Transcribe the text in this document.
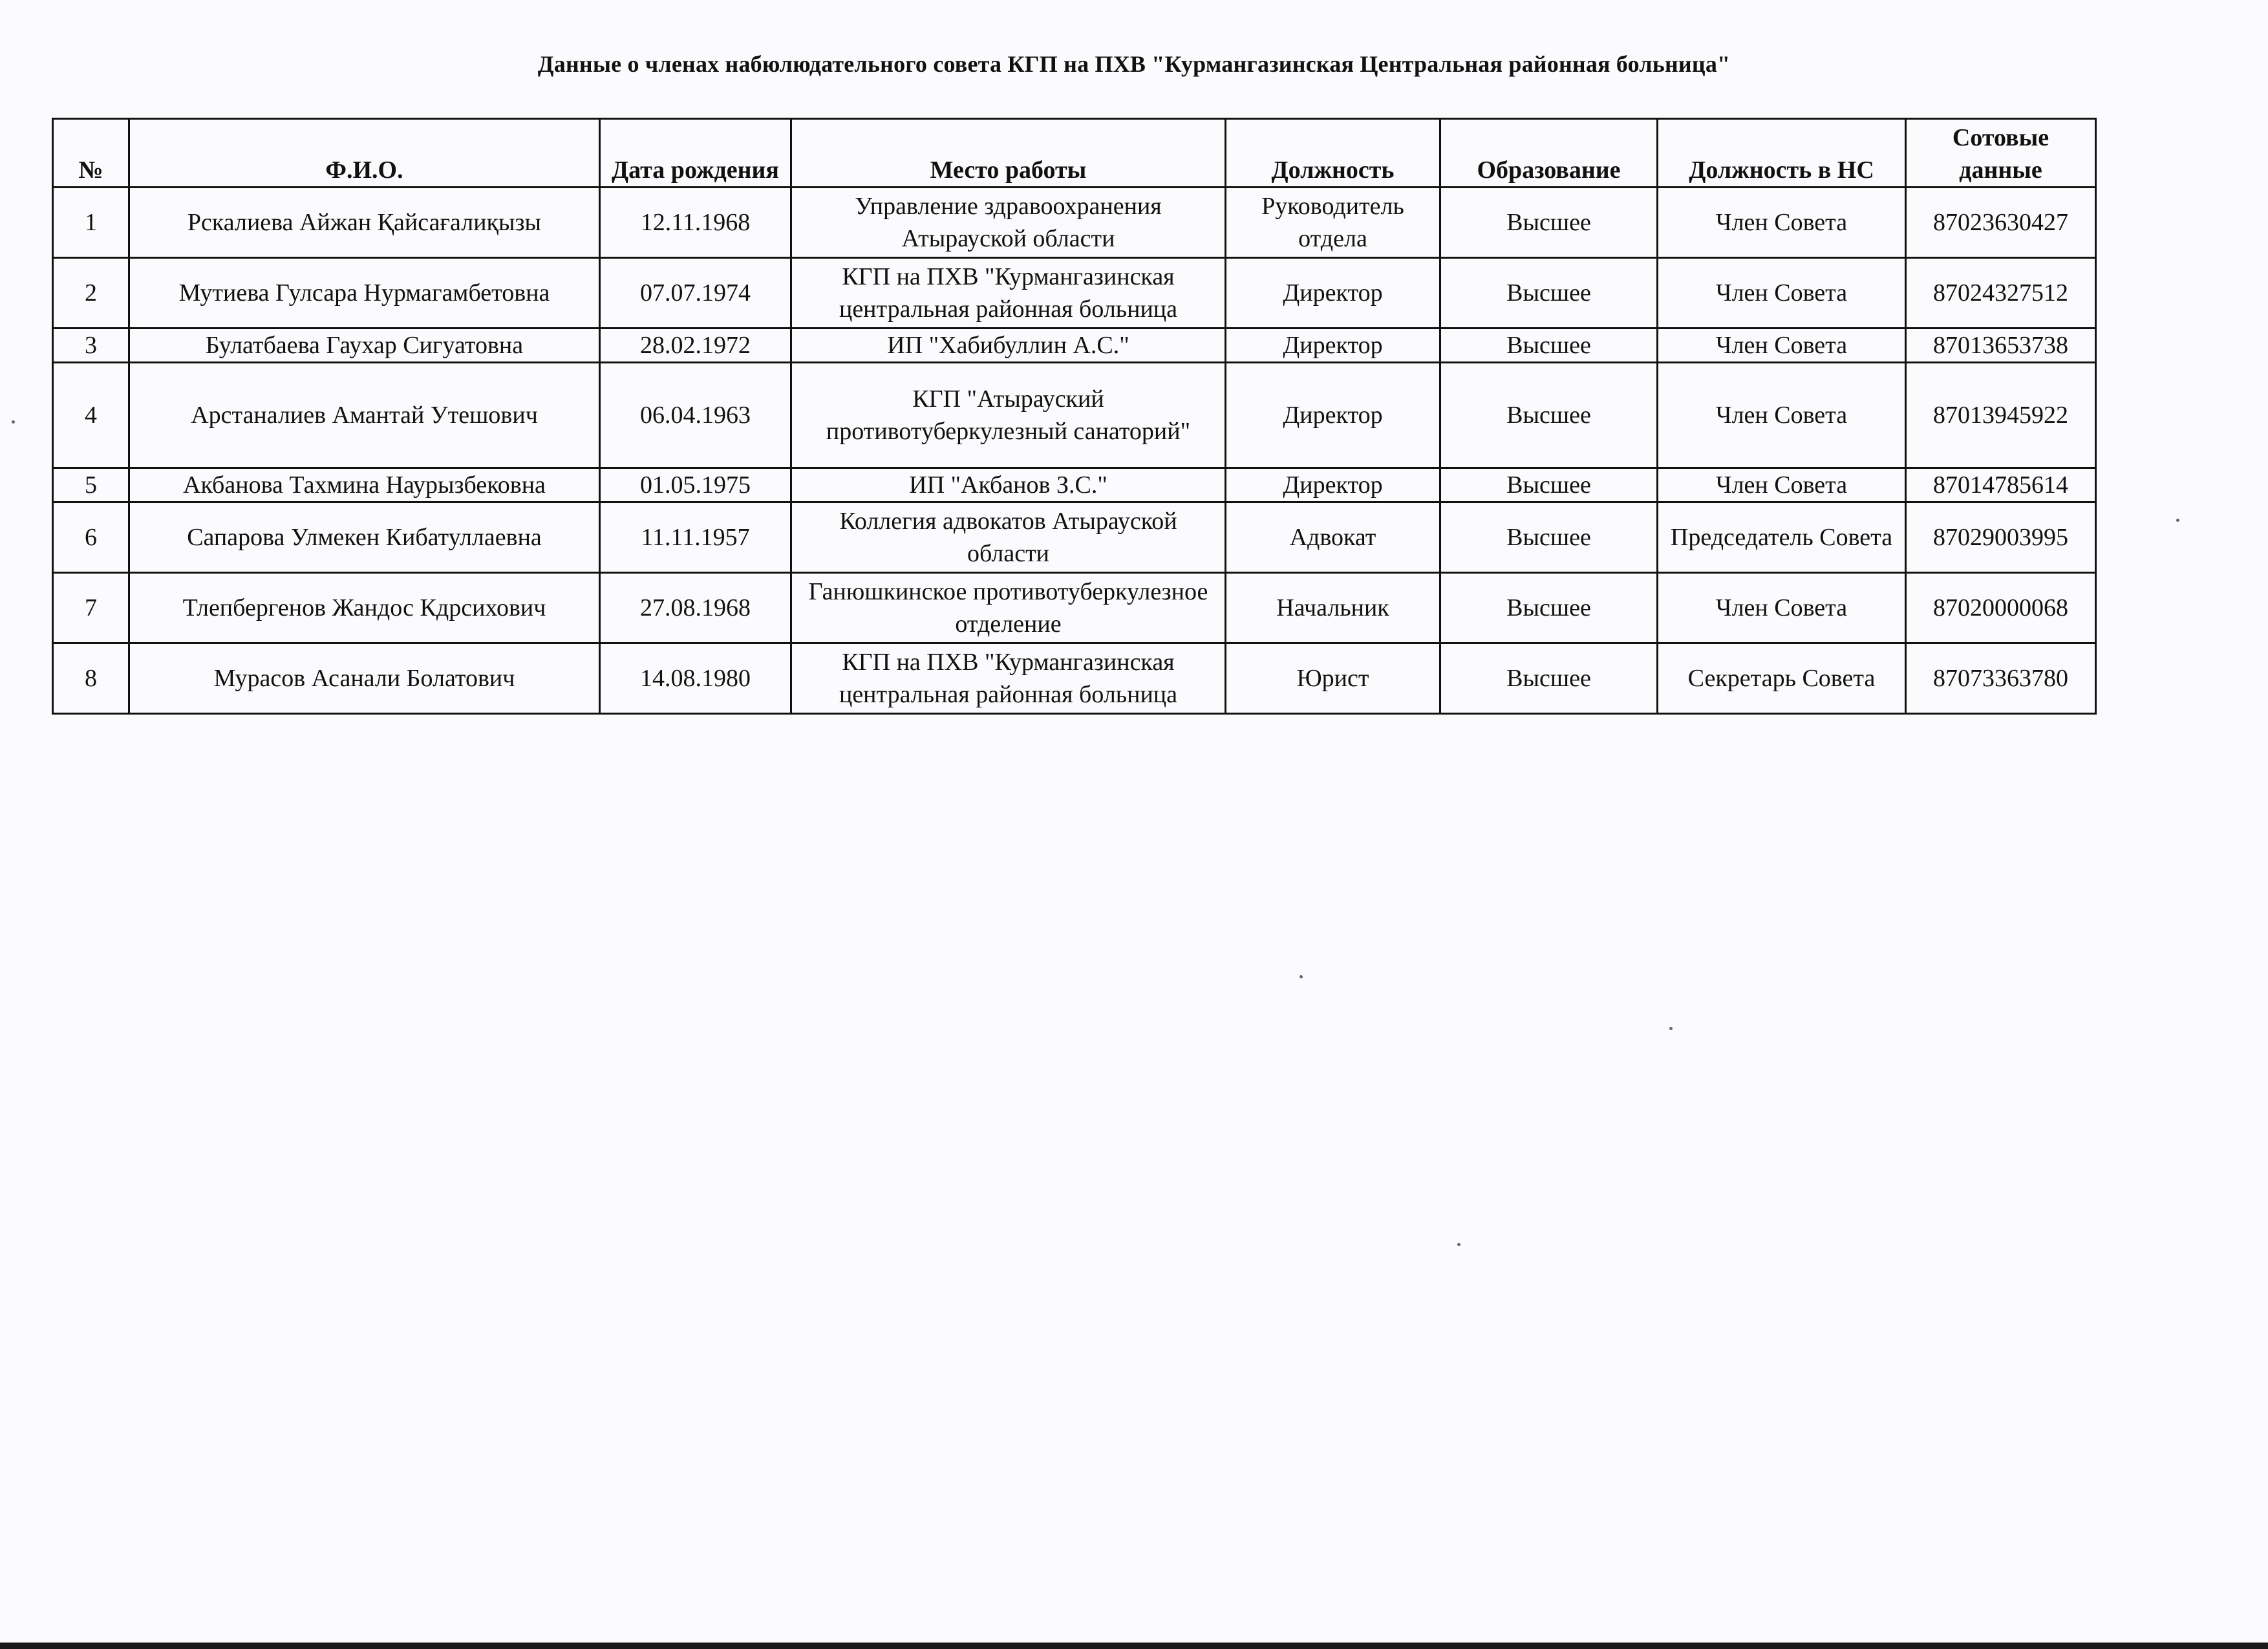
Данные о членах набюлюдательного совета КГП на ПХВ "Курмангазинская Центральная районная больница"
№	Ф.И.О.	Дата рождения	Место работы	Должность	Образование	Должность в НС	Сотовые данные
1	Рскалиева Айжан Қайсағалиқызы	12.11.1968	Управление здравоохранения Атырауской области	Руководитель отдела	Высшее	Член Совета	87023630427
2	Мутиева Гулсара Нурмагамбетовна	07.07.1974	КГП на ПХВ "Курмангазинская центральная районная больница	Директор	Высшее	Член Совета	87024327512
3	Булатбаева Гаухар Сигуатовна	28.02.1972	ИП "Хабибуллин А.С."	Директор	Высшее	Член Совета	87013653738
4	Арстаналиев Амантай Утешович	06.04.1963	КГП "Атырауский противотуберкулезный санаторий"	Директор	Высшее	Член Совета	87013945922
5	Акбанова Тахмина Наурызбековна	01.05.1975	ИП "Акбанов З.С."	Директор	Высшее	Член Совета	87014785614
6	Сапарова Улмекен Кибатуллаевна	11.11.1957	Коллегия адвокатов Атырауской области	Адвокат	Высшее	Председатель Совета	87029003995
7	Тлепбергенов Жандос Кдрсихович	27.08.1968	Ганюшкинское противотуберкулезное отделение	Начальник	Высшее	Член Совета	87020000068
8	Мурасов Асанали Болатович	14.08.1980	КГП на ПХВ "Курмангазинская центральная районная больница	Юрист	Высшее	Секретарь Совета	87073363780
